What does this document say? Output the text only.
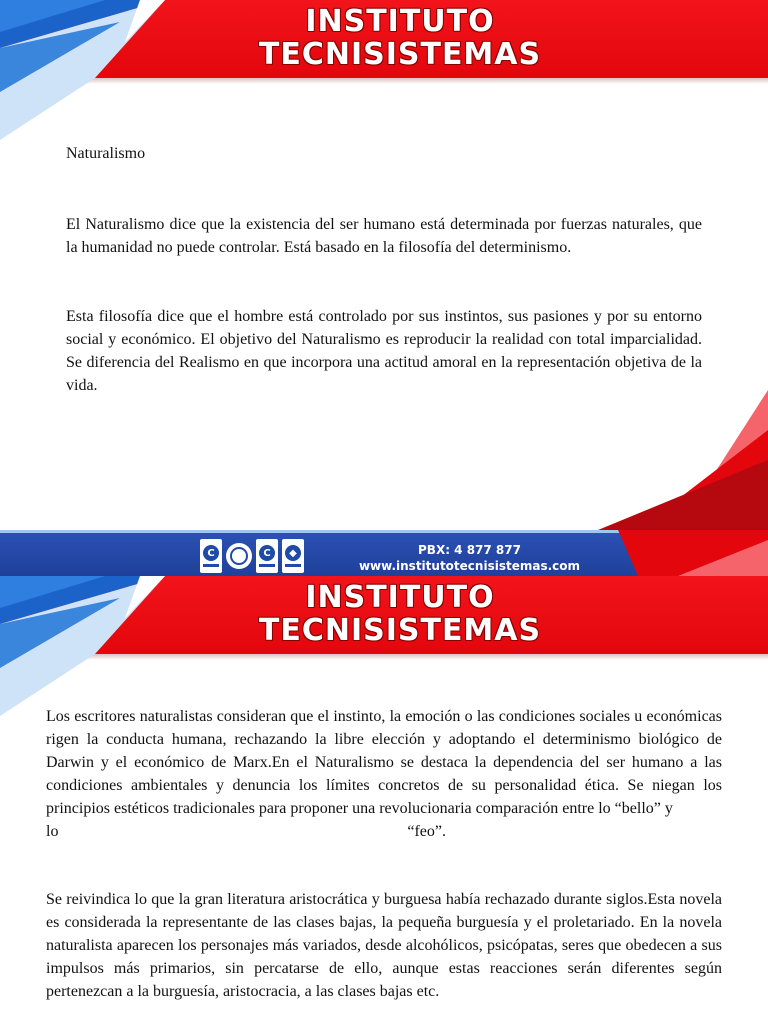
INSTITUTO
TECNISISTEMAS
Naturalismo

El Naturalismo dice que la existencia del ser humano está determinada por fuerzas naturales, que la humanidad no puede controlar. Está basado en la filosofía del determinismo.

Esta filosofía dice que el hombre está controlado por sus instintos, sus pasiones y por su entorno social y económico. El objetivo del Naturalismo es reproducir la realidad con total imparcialidad. Se diferencia del Realismo en que incorpora una actitud amoral en la representación objetiva de la vida.

C	C	◆	PBX: 4 877 877
www.institutotecnisistemas.com
INSTITUTO
TECNISISTEMAS
Los escritores naturalistas consideran que el instinto, la emoción o las condiciones sociales u económicas rigen la conducta humana, rechazando la libre elección y adoptando el determinismo biológico de Darwin y el económico de Marx.En el Naturalismo se destaca la dependencia del ser humano a las condiciones ambientales y denuncia los límites concretos de su personalidad ética. Se niegan los principios estéticos tradicionales para proponer una revolucionaria comparación entre lo “bello” y
lo	“feo”.

Se reivindica lo que la gran literatura aristocrática y burguesa había rechazado durante siglos.Esta novela es considerada la representante de las clases bajas, la pequeña burguesía y el proletariado. En la novela naturalista aparecen los personajes más variados, desde alcohólicos, psicópatas, seres que obedecen a sus impulsos más primarios, sin percatarse de ello, aunque estas reacciones serán diferentes según pertenezcan a la burguesía, aristocracia, a las clases bajas etc.
